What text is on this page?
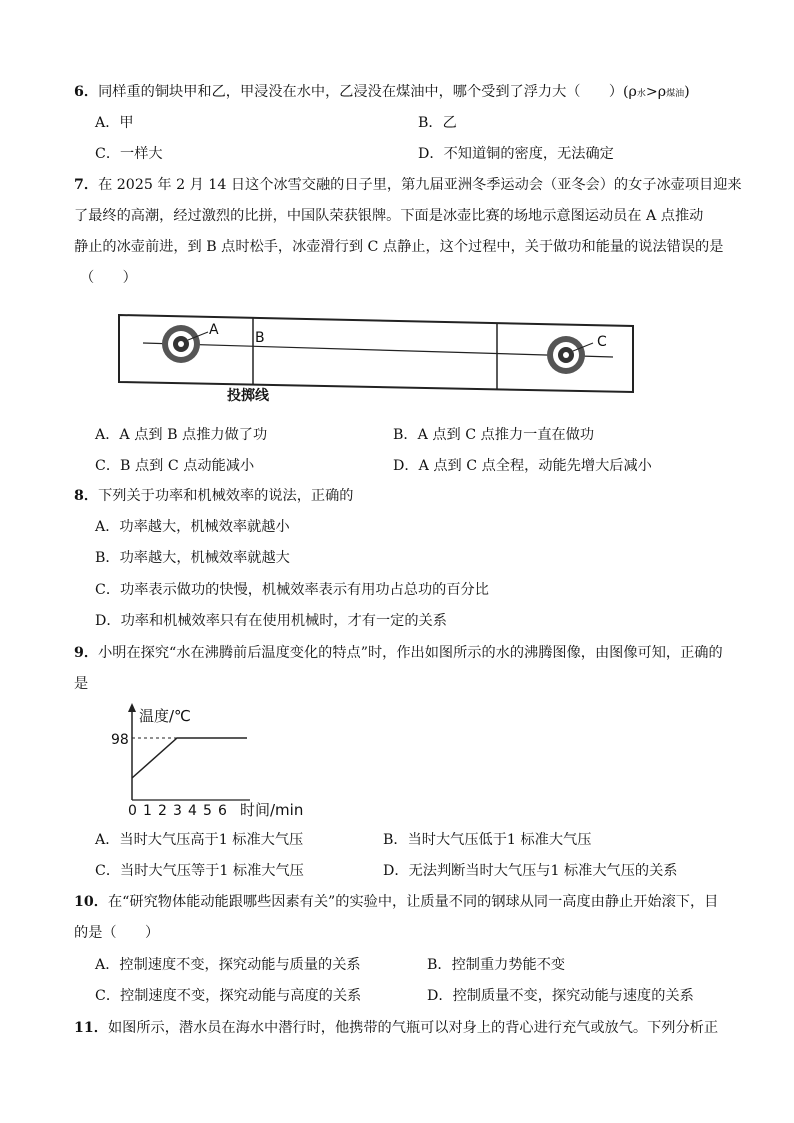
6．同样重的铜块甲和乙，甲浸没在水中，乙浸没在煤油中，哪个受到了浮力大（　　）(ρ水>ρ煤油)
A．甲	B．乙
C．一样大	D．不知道铜的密度，无法确定
7．在 2025 年 2 月 14 日这个冰雪交融的日子里，第九届亚洲冬季运动会（亚冬会）的女子冰壶项目迎来
了最终的高潮，经过激烈的比拼，中国队荣获银牌。下面是冰壶比赛的场地示意图运动员在 A 点推动
静止的冰壶前进，到 B 点时松手，冰壶滑行到 C 点静止，这个过程中，关于做功和能量的说法错误的是
（　　）
A	B	C
投掷线
A．A 点到 B 点推力做了功	B．A 点到 C 点推力一直在做功
C．B 点到 C 点动能减小	D．A 点到 C 点全程，动能先增大后减小
8．下列关于功率和机械效率的说法，正确的
A．功率越大，机械效率就越小
B．功率越大，机械效率就越大
C．功率表示做功的快慢，机械效率表示有用功占总功的百分比
D．功率和机械效率只有在使用机械时，才有一定的关系
9．小明在探究“水在沸腾前后温度变化的特点”时，作出如图所示的水的沸腾图像，由图像可知，正确的
是
温度/℃
98
0 1 2 3 4 5 6 时间/min
A．当时大气压高于1 标准大气压	B．当时大气压低于1 标准大气压
C．当时大气压等于1 标准大气压	D．无法判断当时大气压与1 标准大气压的关系
10．在“研究物体能动能跟哪些因素有关”的实验中，让质量不同的钢球从同一高度由静止开始滚下，目
的是（　　）
A．控制速度不变，探究动能与质量的关系	B．控制重力势能不变
C．控制速度不变，探究动能与高度的关系	D．控制质量不变，探究动能与速度的关系
11．如图所示，潜水员在海水中潜行时，他携带的气瓶可以对身上的背心进行充气或放气。下列分析正
